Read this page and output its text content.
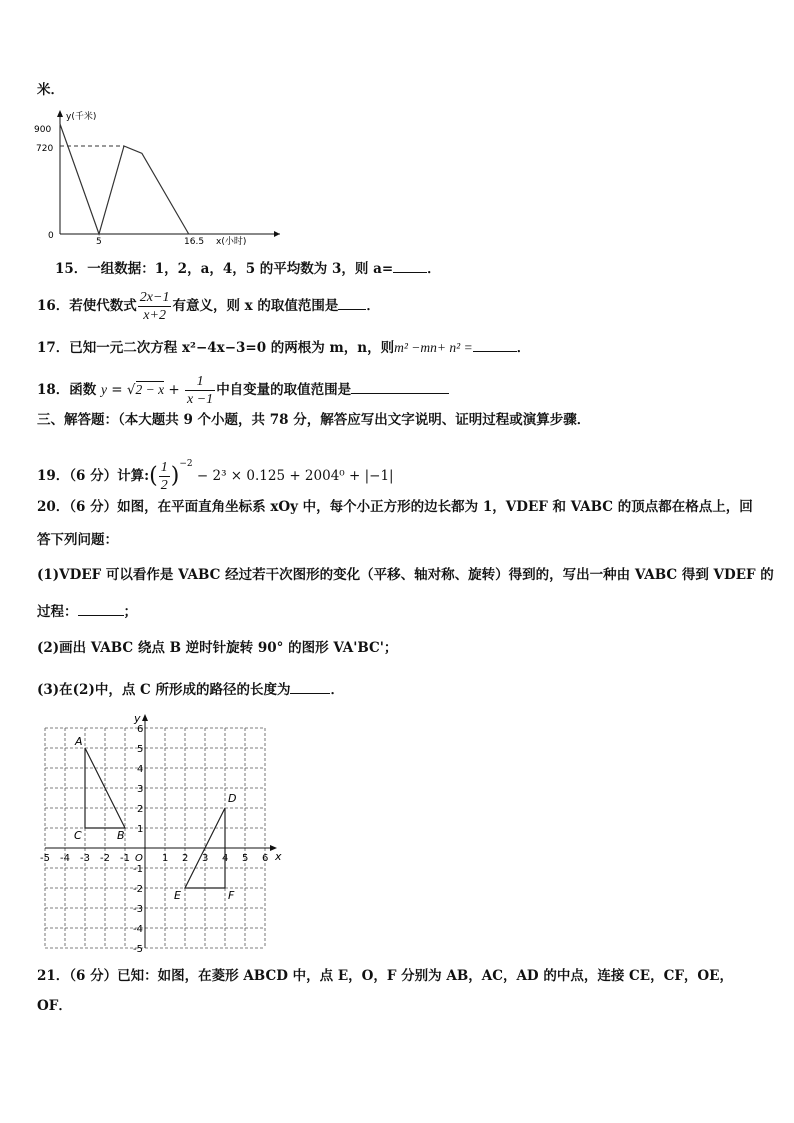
米．
y(千米)
900
720
0
5	16.5 x(小时)
15．一组数据：1，2，a，4，5 的平均数为 3，则 a=	．
16．若使代数式 $\frac{2x-1}{x+2}$ 有意义，则 x 的取值范围是 ．
17．已知一元二次方程 x²−4x−3=0 的两根为 m，n，则m² −mn+ n² =	．
18．函数 $y = √2 - x + \frac{1}{x -1}$ 中自变量的取值范围是
三、解答题：（本大题共 9 个小题，共 78 分，解答应写出文字说明、证明过程或演算步骤．
19．（6 分）计算:( $\frac{1}{2} )^{-2} - 2^3 \times 0.125 + 2004^0 + |-1|$
20．（6 分）如图，在平面直角坐标系 xOy 中，每个小正方形的边长都为 1，VDEF 和 VABC 的顶点都在格点上，回
答下列问题：
(1)VDEF 可以看作是 VABC 经过若干次图形的变化（平移、轴对称、旋转）得到的，写出一种由 VABC 得到 VDEF 的
过程：	；
(2)画出 VABC 绕点 B 逆时针旋转 90° 的图形 VA'BC'；
(3)在(2)中，点 C 所形成的路径的长度为	．
x
y
-5 -4 -3 -2 -1 O 1 2 3 4 5 6
6
5
4
3
2
1
-1
-2
-3
-4
-5
A
B
C
D
E	F
21．（6 分）已知：如图，在菱形 ABCD 中，点 E，O，F 分别为 AB，AC，AD 的中点，连接 CE，CF，OE，
OF．
